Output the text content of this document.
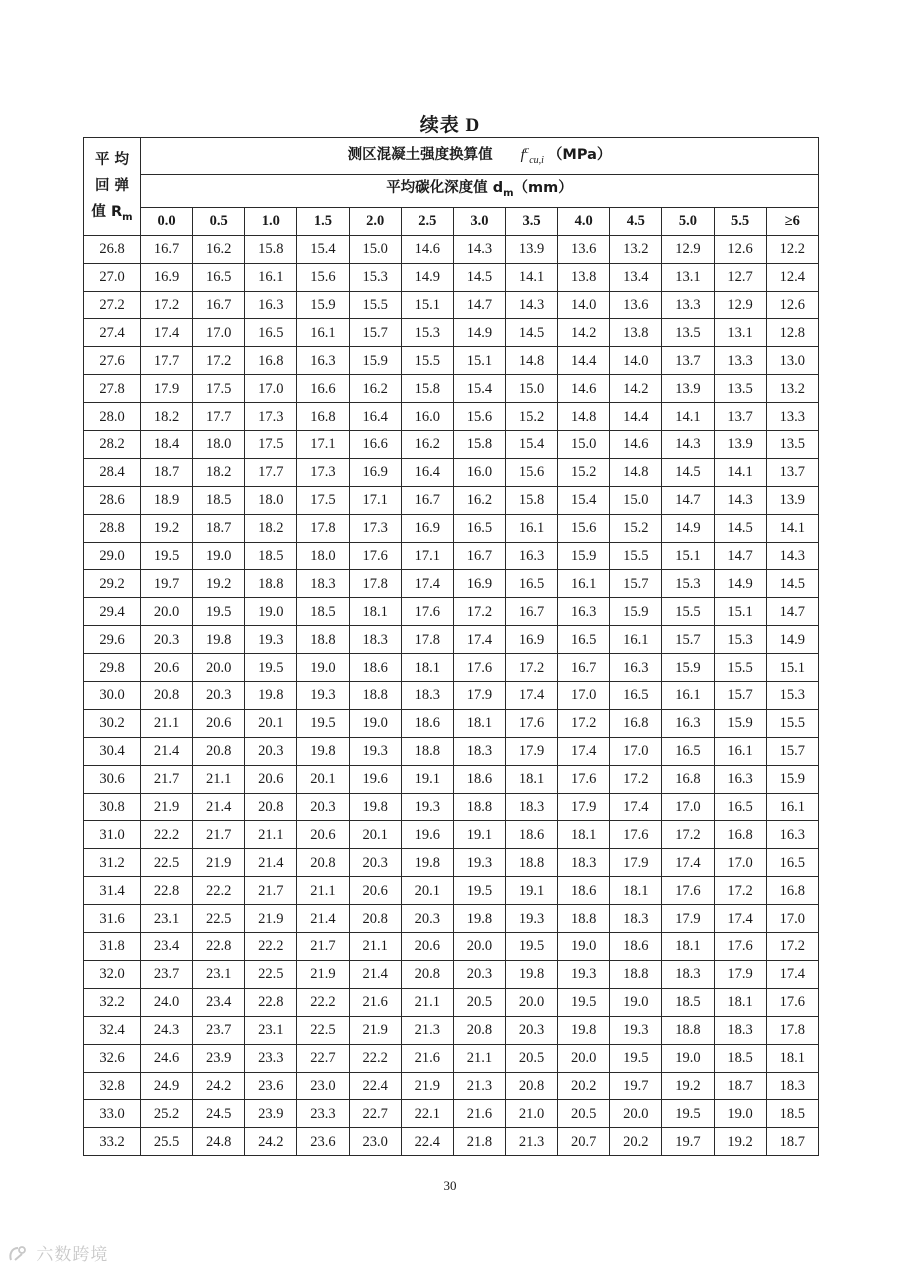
续表 D
平 均
回 弹
值 $R_m$	测区混凝土强度换算值 $f^c_{cu,i}$ （MPa）												
	平均碳化深度值 $d_m(mm)$												
	0.0	0.5	1.0	1.5	2.0	2.5	3.0	3.5	4.0	4.5	5.0	5.5	≥6
26.8	16.7	16.2	15.8	15.4	15.0	14.6	14.3	13.9	13.6	13.2	12.9	12.6	12.2
27.0	16.9	16.5	16.1	15.6	15.3	14.9	14.5	14.1	13.8	13.4	13.1	12.7	12.4
27.2	17.2	16.7	16.3	15.9	15.5	15.1	14.7	14.3	14.0	13.6	13.3	12.9	12.6
27.4	17.4	17.0	16.5	16.1	15.7	15.3	14.9	14.5	14.2	13.8	13.5	13.1	12.8
27.6	17.7	17.2	16.8	16.3	15.9	15.5	15.1	14.8	14.4	14.0	13.7	13.3	13.0
27.8	17.9	17.5	17.0	16.6	16.2	15.8	15.4	15.0	14.6	14.2	13.9	13.5	13.2
28.0	18.2	17.7	17.3	16.8	16.4	16.0	15.6	15.2	14.8	14.4	14.1	13.7	13.3
28.2	18.4	18.0	17.5	17.1	16.6	16.2	15.8	15.4	15.0	14.6	14.3	13.9	13.5
28.4	18.7	18.2	17.7	17.3	16.9	16.4	16.0	15.6	15.2	14.8	14.5	14.1	13.7
28.6	18.9	18.5	18.0	17.5	17.1	16.7	16.2	15.8	15.4	15.0	14.7	14.3	13.9
28.8	19.2	18.7	18.2	17.8	17.3	16.9	16.5	16.1	15.6	15.2	14.9	14.5	14.1
29.0	19.5	19.0	18.5	18.0	17.6	17.1	16.7	16.3	15.9	15.5	15.1	14.7	14.3
29.2	19.7	19.2	18.8	18.3	17.8	17.4	16.9	16.5	16.1	15.7	15.3	14.9	14.5
29.4	20.0	19.5	19.0	18.5	18.1	17.6	17.2	16.7	16.3	15.9	15.5	15.1	14.7
29.6	20.3	19.8	19.3	18.8	18.3	17.8	17.4	16.9	16.5	16.1	15.7	15.3	14.9
29.8	20.6	20.0	19.5	19.0	18.6	18.1	17.6	17.2	16.7	16.3	15.9	15.5	15.1
30.0	20.8	20.3	19.8	19.3	18.8	18.3	17.9	17.4	17.0	16.5	16.1	15.7	15.3
30.2	21.1	20.6	20.1	19.5	19.0	18.6	18.1	17.6	17.2	16.8	16.3	15.9	15.5
30.4	21.4	20.8	20.3	19.8	19.3	18.8	18.3	17.9	17.4	17.0	16.5	16.1	15.7
30.6	21.7	21.1	20.6	20.1	19.6	19.1	18.6	18.1	17.6	17.2	16.8	16.3	15.9
30.8	21.9	21.4	20.8	20.3	19.8	19.3	18.8	18.3	17.9	17.4	17.0	16.5	16.1
31.0	22.2	21.7	21.1	20.6	20.1	19.6	19.1	18.6	18.1	17.6	17.2	16.8	16.3
31.2	22.5	21.9	21.4	20.8	20.3	19.8	19.3	18.8	18.3	17.9	17.4	17.0	16.5
31.4	22.8	22.2	21.7	21.1	20.6	20.1	19.5	19.1	18.6	18.1	17.6	17.2	16.8
31.6	23.1	22.5	21.9	21.4	20.8	20.3	19.8	19.3	18.8	18.3	17.9	17.4	17.0
31.8	23.4	22.8	22.2	21.7	21.1	20.6	20.0	19.5	19.0	18.6	18.1	17.6	17.2
32.0	23.7	23.1	22.5	21.9	21.4	20.8	20.3	19.8	19.3	18.8	18.3	17.9	17.4
32.2	24.0	23.4	22.8	22.2	21.6	21.1	20.5	20.0	19.5	19.0	18.5	18.1	17.6
32.4	24.3	23.7	23.1	22.5	21.9	21.3	20.8	20.3	19.8	19.3	18.8	18.3	17.8
32.6	24.6	23.9	23.3	22.7	22.2	21.6	21.1	20.5	20.0	19.5	19.0	18.5	18.1
32.8	24.9	24.2	23.6	23.0	22.4	21.9	21.3	20.8	20.2	19.7	19.2	18.7	18.3
33.0	25.2	24.5	23.9	23.3	22.7	22.1	21.6	21.0	20.5	20.0	19.5	19.0	18.5
33.2	25.5	24.8	24.2	23.6	23.0	22.4	21.8	21.3	20.7	20.2	19.7	19.2	18.7
30
六数跨境
